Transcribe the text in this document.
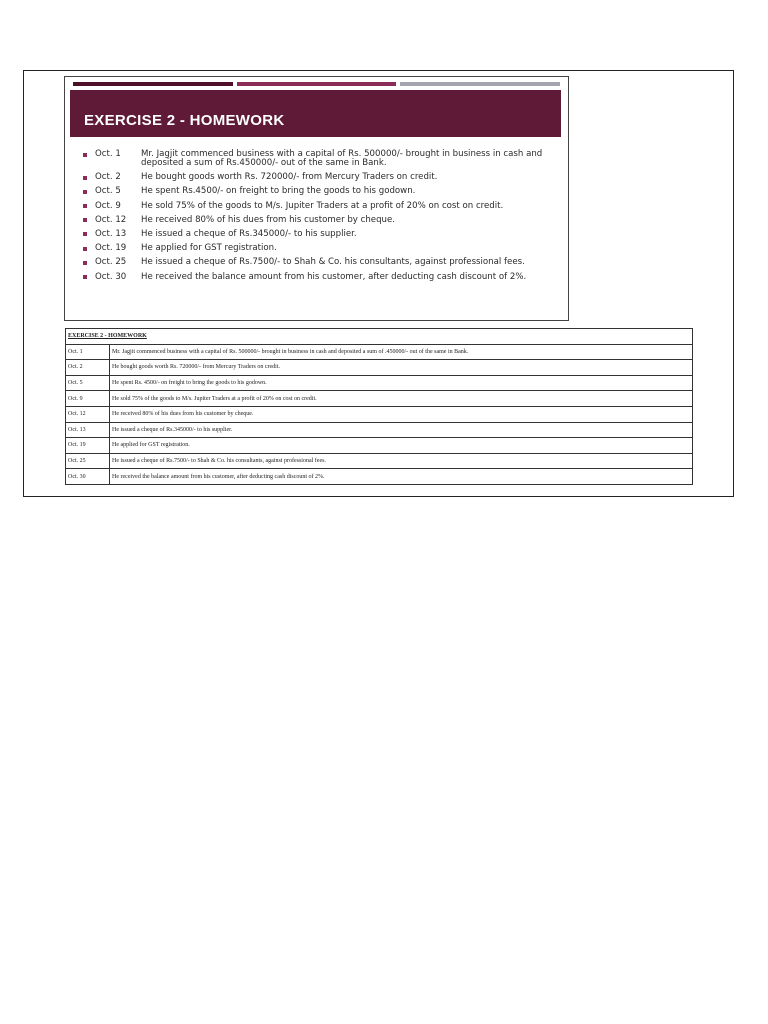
EXERCISE 2 - HOMEWORK
Oct. 1	Mr. Jagjit commenced business with a capital of Rs. 500000/- brought in business in cash and deposited a sum of Rs.450000/- out of the same in Bank.
Oct. 2	He bought goods worth Rs. 720000/- from Mercury Traders on credit.
Oct. 5	He spent Rs.4500/- on freight to bring the goods to his godown.
Oct. 9	He sold 75% of the goods to M/s. Jupiter Traders at a profit of 20% on cost on credit.
Oct. 12	He received 80% of his dues from his customer by cheque.
Oct. 13	He issued a cheque of Rs.345000/- to his supplier.
Oct. 19	He applied for GST registration.
Oct. 25	He issued a cheque of Rs.7500/- to Shah & Co. his consultants, against professional fees.
Oct. 30	He received the balance amount from his customer, after deducting cash discount of 2%.
EXERCISE 2 - HOMEWORK	
Oct. 1	Mr. Jagjit commenced business with a capital of Rs. 500000/- brought in business in cash and deposited a sum of .450000/- out of the same in Bank.
Oct. 2	He bought goods worth Rs. 720000/- from Mercury Traders on credit.
Oct. 5	He spent Rs. 4500/- on freight to bring the goods to his godown.
Oct. 9	He sold 75% of the goods to M/s. Jupiter Traders at a profit of 20% on cost on credit.
Oct. 12	He received 80% of his dues from his customer by cheque.
Oct. 13	He issued a cheque of Rs.345000/- to his supplier.
Oct. 19	He applied for GST registration.
Oct. 25	He issued a cheque of Rs.7500/- to Shah & Co. his consultants, against professional fees.
Oct. 30	He received the balance amount from his customer, after deducting cash discount of 2%.
